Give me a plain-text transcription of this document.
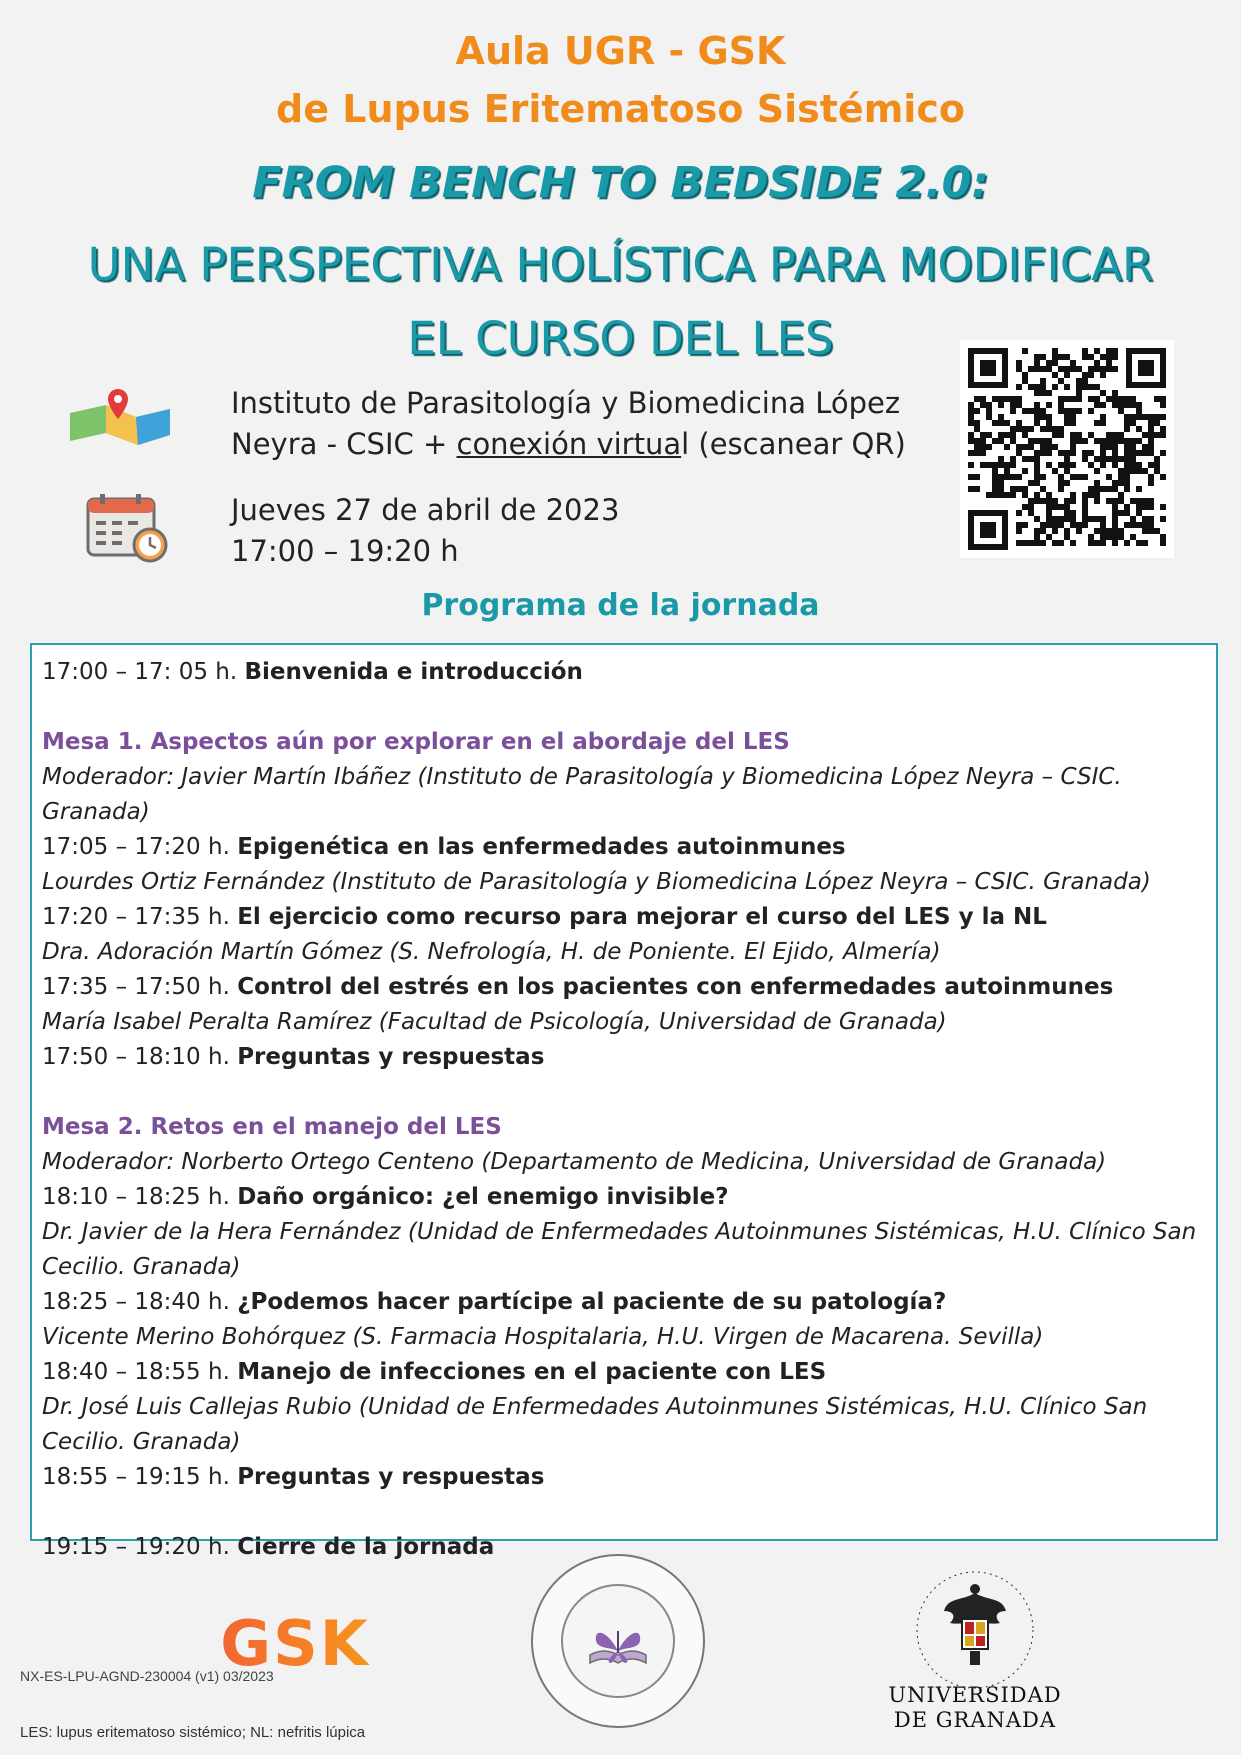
Aula UGR - GSK
de Lupus Eritematoso Sistémico
FROM BENCH TO BEDSIDE 2.0:
UNA PERSPECTIVA HOLÍSTICA PARA MODIFICAR
EL CURSO DEL LES
Instituto de Parasitología y Biomedicina López
Neyra - CSIC + conexión virtual (escanear QR)
Jueves 27 de abril de 2023
17:00 – 19:20 h
Programa de la jornada
17:00 – 17: 05 h. Bienvenida e introducción
Mesa 1. Aspectos aún por explorar en el abordaje del LES
Moderador: Javier Martín Ibáñez (Instituto de Parasitología y Biomedicina López Neyra – CSIC. Granada)
17:05 – 17:20 h. Epigenética en las enfermedades autoinmunes
Lourdes Ortiz Fernández (Instituto de Parasitología y Biomedicina López Neyra – CSIC. Granada)
17:20 – 17:35 h. El ejercicio como recurso para mejorar el curso del LES y la NL
Dra. Adoración Martín Gómez (S. Nefrología, H. de Poniente. El Ejido, Almería)
17:35 – 17:50 h. Control del estrés en los pacientes con enfermedades autoinmunes
María Isabel Peralta Ramírez (Facultad de Psicología, Universidad de Granada)
17:50 – 18:10 h. Preguntas y respuestas
Mesa 2. Retos en el manejo del LES
Moderador: Norberto Ortego Centeno (Departamento de Medicina, Universidad de Granada)
18:10 – 18:25 h. Daño orgánico: ¿el enemigo invisible?
Dr. Javier de la Hera Fernández (Unidad de Enfermedades Autoinmunes Sistémicas, H.U. Clínico San Cecilio. Granada)
18:25 – 18:40 h. ¿Podemos hacer partícipe al paciente de su patología?
Vicente Merino Bohórquez (S. Farmacia Hospitalaria, H.U. Virgen de Macarena. Sevilla)
18:40 – 18:55 h. Manejo de infecciones en el paciente con LES
Dr. José Luis Callejas Rubio (Unidad de Enfermedades Autoinmunes Sistémicas, H.U. Clínico San Cecilio. Granada)
18:55 – 19:15 h. Preguntas y respuestas
19:15 – 19:20 h. Cierre de la jornada
GSK
UNIVERSIDAD
DE GRANADA
NX-ES-LPU-AGND-230004 (v1) 03/2023
LES: lupus eritematoso sistémico; NL: nefritis lúpica
